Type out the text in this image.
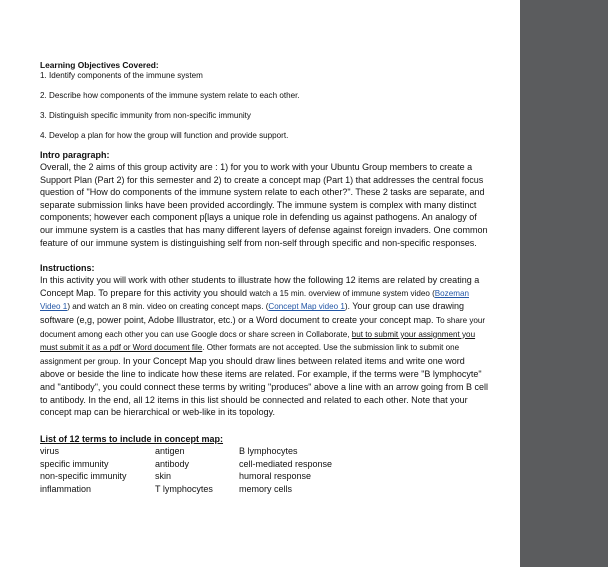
Learning Objectives Covered:
1. Identify components of the immune system
2. Describe how components of the immune system relate to each other.
3. Distinguish specific immunity from non-specific immunity
4. Develop a plan for how the group will function and provide support.
Intro paragraph:
Overall, the 2 aims of this group activity are : 1) for you to work with your Ubuntu Group members to create a Support Plan (Part 2) for this semester and 2) to create a concept map (Part 1) that addresses the central focus question of "How do components of the immune system relate to each other?". These 2 tasks are separate, and separate submission links have been provided accordingly. The immune system is complex with many distinct components; however each component p[lays a unique role in defending us against pathogens. An analogy of our immune system is a castles that has many different layers of defense against foreign invaders. One common feature of our immune system is distinguishing self from non-self through specific and non-specific responses.
Instructions:
In this activity you will work with other students to illustrate how the following 12 items are related by creating a Concept Map. To prepare for this activity you should watch a 15 min. overview of immune system video (Bozeman Video 1) and watch an 8 min. video on creating concept maps. (Concept Map video 1). Your group can use drawing software (e,g, power point, Adobe Illustrator, etc.) or a Word document to create your concept map. To share your document among each other you can use Google docs or share screen in Collaborate, but to submit your assignment you must submit it as a pdf or Word document file. Other formats are not accepted. Use the submission link to submit one assignment per group. In your Concept Map you should draw lines between related items and write one word above or beside the line to indicate how these items are related. For example, if the terms were "B lymphocyte" and "antibody", you could connect these terms by writing "produces" above a line with an arrow going from B cell to antibody. In the end, all 12 items in this list should be connected and related to each other. Note that your concept map can be hierarchical or web-like in its topology.
List of 12 terms to include in concept map:
virus	antigen	B lymphocytes
specific immunity	antibody	cell-mediated response
non-specific immunity	skin	humoral response
inflammation	T lymphocytes	memory cells
